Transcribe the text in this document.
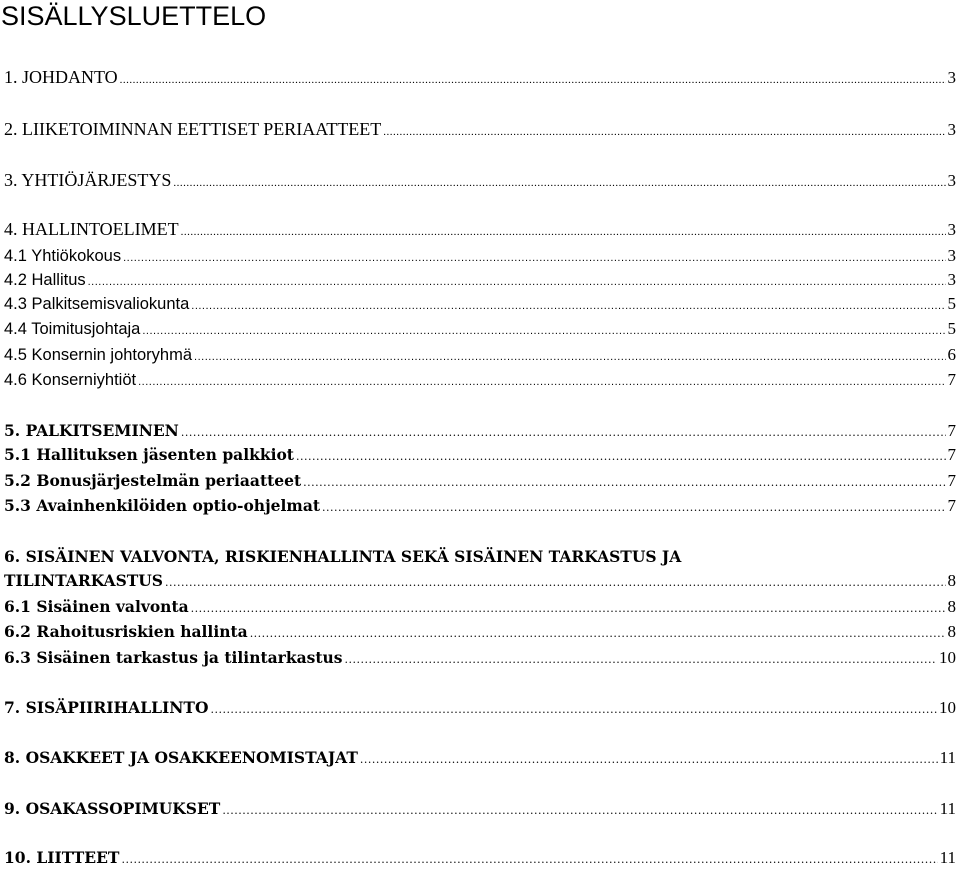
SISÄLLYSLUETTELO
1. JOHDANTO .....	3
2. LIIKETOIMINNAN EETTISET PERIAATTEET .....	3
3. YHTIÖJÄRJESTYS .....	3
4. HALLINTOELIMET .....	3
4.1 Yhtiökokous .....	3
4.2 Hallitus .....	3
4.3 Palkitsemisvaliokunta .....	5
4.4 Toimitusjohtaja .....	5
4.5 Konsernin johtoryhmä .....	6
4.6 Konserniyhtiöt .....	7
5. PALKITSEMINEN .....	7
5.1 Hallituksen jäsenten palkkiot .....	7
5.2 Bonusjärjestelmän periaatteet .....	7
5.3 Avainhenkilöiden optio-ohjelmat .....	7
6. SISÄINEN VALVONTA, RISKIENHALLINTA SEKÄ SISÄINEN TARKASTUS JA
TILINTARKASTUS .....	8
6.1 Sisäinen valvonta .....	8
6.2 Rahoitusriskien hallinta .....	8
6.3 Sisäinen tarkastus ja tilintarkastus .....	10
7. SISÄPIIRIHALLINTO .....	10
8. OSAKKEET JA OSAKKEENOMISTAJAT .....	11
9. OSAKASSOPIMUKSET .....	11
10. LIITTEET .....	11
